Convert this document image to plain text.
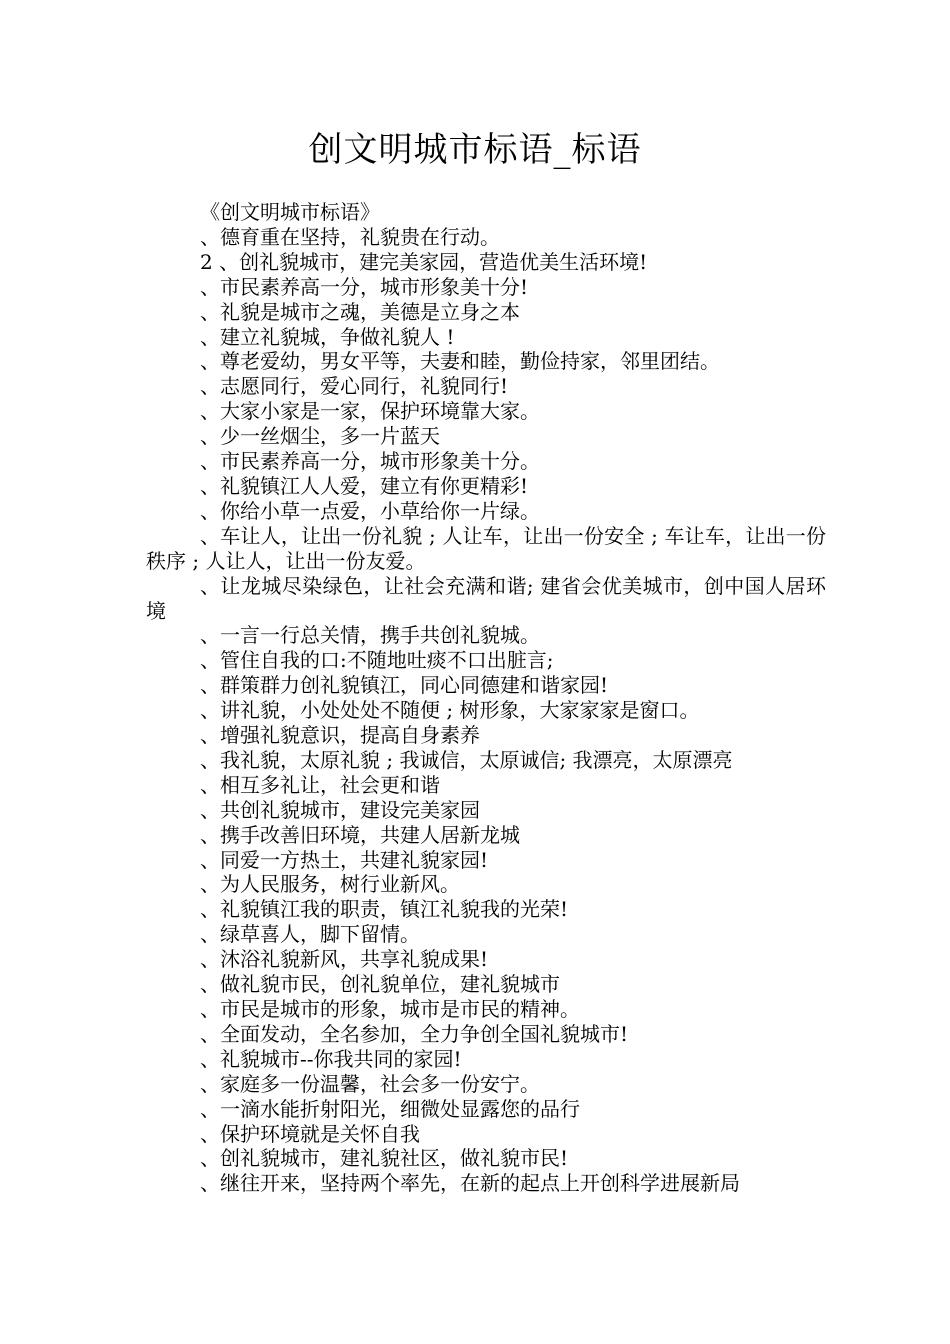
创文明城市标语_标语

《创文明城市标语》

、德育重在坚持，礼貌贵在行动。

2 、创礼貌城市，建完美家园，营造优美生活环境!

、市民素养高一分，城市形象美十分!

、礼貌是城市之魂，美德是立身之本

、建立礼貌城，争做礼貌人 !

、尊老爱幼，男女平等，夫妻和睦，勤俭持家，邻里团结。

、志愿同行，爱心同行，礼貌同行!

、大家小家是一家，保护环境靠大家。

、少一丝烟尘，多一片蓝天

、市民素养高一分，城市形象美十分。

、礼貌镇江人人爱，建立有你更精彩!

、你给小草一点爱，小草给你一片绿。

、车让人，让出一份礼貌 ; 人让车，让出一份安全 ; 车让车，让出一份秩序 ; 人让人，让出一份友爱。

、让龙城尽染绿色，让社会充满和谐; 建省会优美城市，创中国人居环境

、一言一行总关情，携手共创礼貌城。

、管住自我的口:不随地吐痰不口出脏言;

、群策群力创礼貌镇江，同心同德建和谐家园!

、讲礼貌，小处处处不随便 ; 树形象，大家家家是窗口。

、增强礼貌意识，提高自身素养

、我礼貌，太原礼貌 ; 我诚信，太原诚信; 我漂亮，太原漂亮

、相互多礼让，社会更和谐

、共创礼貌城市，建设完美家园

、携手改善旧环境，共建人居新龙城

、同爱一方热土，共建礼貌家园!

、为人民服务，树行业新风。

、礼貌镇江我的职责，镇江礼貌我的光荣!

、绿草喜人，脚下留情。

、沐浴礼貌新风，共享礼貌成果!

、做礼貌市民，创礼貌单位，建礼貌城市

、市民是城市的形象，城市是市民的精神。

、全面发动，全名参加，全力争创全国礼貌城市!

、礼貌城市--你我共同的家园!

、家庭多一份温馨，社会多一份安宁。

、一滴水能折射阳光，细微处显露您的品行

、保护环境就是关怀自我

、创礼貌城市，建礼貌社区，做礼貌市民!

、继往开来，坚持两个率先，在新的起点上开创科学进展新局
